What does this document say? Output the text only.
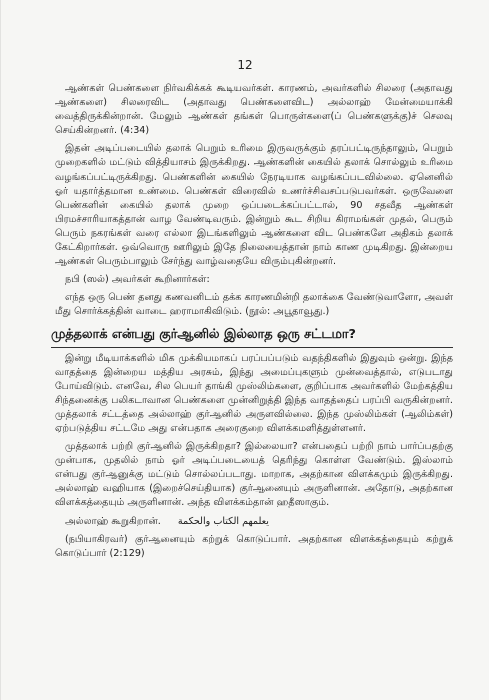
12

ஆண்கள் பெண்களை நிர்வகிக்கக் கூடியவர்கள். காரணம், அவர்களில் சிலரை (அதாவது ஆண்களை) சிலரைவிட (அதாவது பெண்களைவிட) அல்லாஹ் மேன்மையாக்கி வைத்திருக்கின்றான். மேலும் ஆண்கள் தங்கள் பொருள்களை(ப் பெண்களுக்கு)ச் செலவு செய்கின்றனர். (4:34)

இதன் அடிப்படையில் தலாக் பெறும் உரிமை இருவருக்கும் தரப்பட்டிருந்தாலும், பெறும் முறைகளில் மட்டும் வித்தியாசம் இருக்கிறது. ஆண்களின் கையில் தலாக் சொல்லும் உரிமை வழங்கப்பட்டிருக்கிறது. பெண்களின் கையில் நேரடியாக வழங்கப்படவில்லை. ஏனெனில் ஓர் யதார்த்தமான உண்மை. பெண்கள் விரைவில் உணர்ச்சிவசப்படுபவர்கள். ஒருவேளை பெண்களின் கையில் தலாக் முறை ஒப்படைக்கப்பட்டால், 90 சதவீத ஆண்கள் பிரமச்சாரியாகத்தான் வாழ வேண்டிவரும். இன்றும் கூட சிறிய கிராமங்கள் முதல், பெரும் பெரும் நகரங்கள் வரை எல்லா இடங்களிலும் ஆண்களை விட பெண்களே அதிகம் தலாக் கேட்கிறார்கள். ஒவ்வொரு ஊரிலும் இதே நிலையைத்தான் நாம் காண முடிகிறது. இன்றைய ஆண்கள் பெரும்பாலும் சேர்ந்து வாழ்வதையே விரும்புகின்றனர்.

நபி (ஸல்) அவர்கள் கூறினார்கள்:

எந்த ஒரு பெண் தனது கணவனிடம் தக்க காரணமின்றி தலாக்கை வேண்டுவாளோ, அவள் மீது சொர்க்கத்தின் வாடை ஹராமாகிவிடும். (நூல்: அபூதாவூது.)

முத்தலாக் என்பது குர்ஆனில் இல்லாத ஒரு சட்டமா?

இன்று மீடியாக்களில் மிக முக்கியமாகப் பரப்பப்படும் வதந்திகளில் இதுவும் ஒன்று. இந்த வாதத்தை இன்றைய மத்திய அரசும், இந்து அமைப்புகளும் முன்வைத்தால், எடுபடாது போய்விடும். எனவே, சில பெயர் தாங்கி முஸ்லிம்களை, குறிப்பாக அவர்களில் மேற்கத்திய சிந்தனைக்கு பலிகடாவான பெண்களை முன்னிறுத்தி இந்த வாதத்தைப் பரப்பி வருகின்றனர். முத்தலாக் சட்டத்தை அல்லாஹ் குர்ஆனில் அருளவில்லை. இந்த முஸ்லிம்கள் (ஆலிம்கள்) ஏற்படுத்திய சட்டமே அது என்பதாக அரைகுறை விளக்கமளித்துள்ளனர்.

முத்தலாக் பற்றி குர்ஆனில் இருக்கிறதா? இல்லையா? என்பதைப் பற்றி நாம் பார்ப்பதற்கு முன்பாக, முதலில் நாம் ஓர் அடிப்படையைத் தெரிந்து கொள்ள வேண்டும். இஸ்லாம் என்பது குர்ஆனுக்கு மட்டும் சொல்லப்படாது. மாறாக, அதற்கான விளக்கமும் இருக்கிறது. அல்லாஹ் வஹியாக (இறைச்செய்தியாக) குர்ஆனையும் அருளினான். அதோடு, அதற்கான விளக்கத்தையும் அருளினான். அந்த விளக்கம்தான் ஹதீஸாகும்.

அல்லாஹ் கூறுகிறான். يعلمهم الكتاب والحكمة

(நபியாகிரவர்) குர்ஆனையும் கற்றுக் கொடுப்பார். அதற்கான விளக்கத்தையும் கற்றுக் கொடுப்பார் (2:129)
